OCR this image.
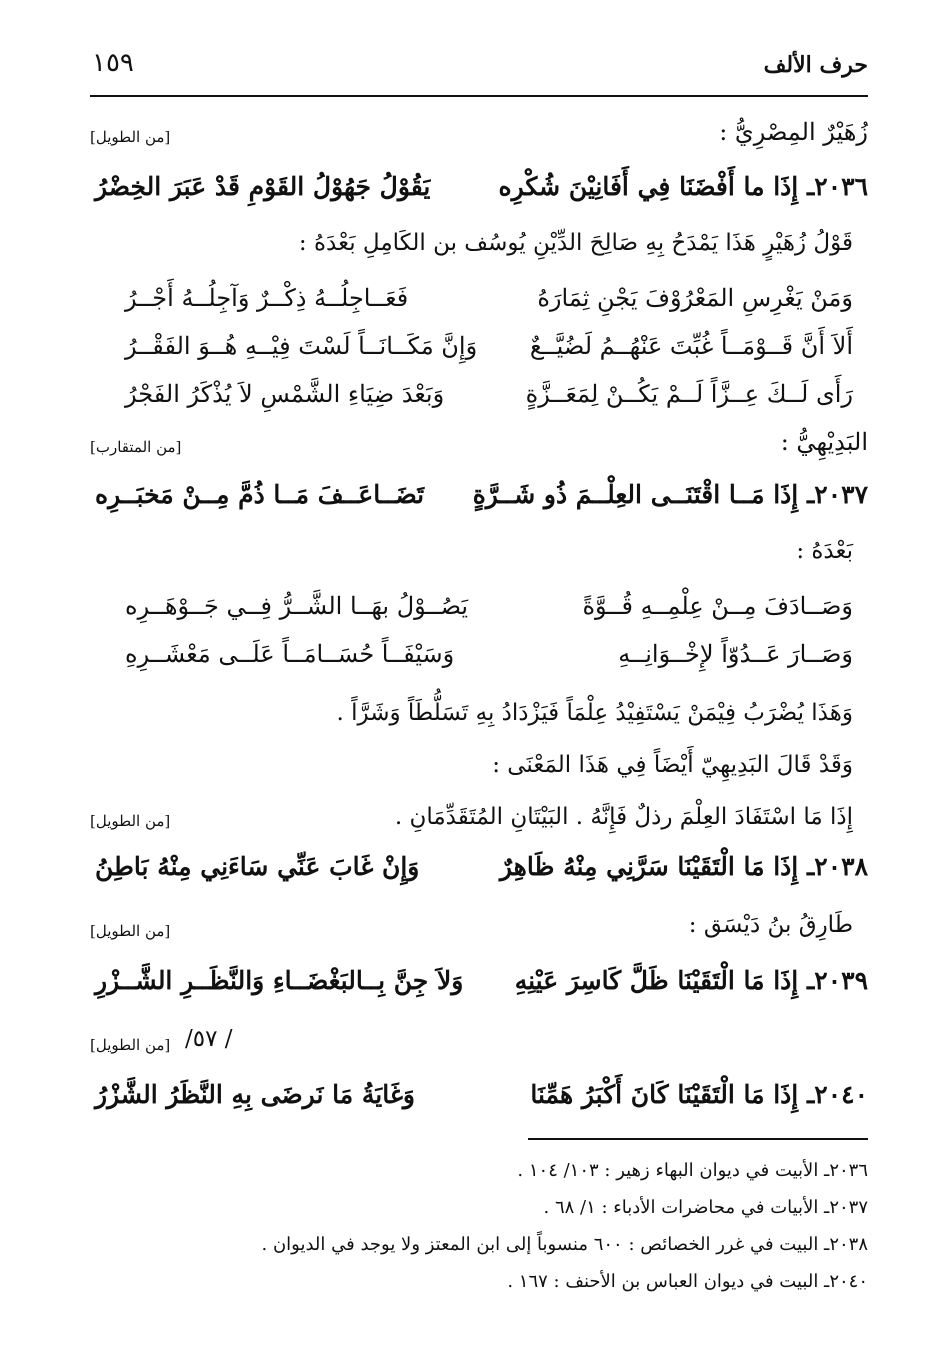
حرف الألف
١٥٩
زُهَيْرٌ المِصْرِيُّ :
[من الطويل]
٢٠٣٦ـ إِذَا ما أَفْضَنَا فِي أَفَانِيْنَ شُكْرِه
يَقُوْلُ جَهُوْلُ القَوْمِ قَدْ عَبَرَ الخِضْرُ
قَوْلُ زُهَيْرٍ هَذَا يَمْدَحُ بِهِ صَالِحَ الدِّيْنِ يُوسُف بن الكَامِلِ بَعْدَهُ :
وَمَنْ يَغْرِسِ المَعْرُوْفَ يَجْنِ ثِمَارَهُ
فَعَــاجِلُــهُ ذِكْــرٌ وَآجِلُــهُ أَجْــرُ
أَلاَ أَنَّ قَــوْمَــاً غُبِّتَ عَنْهُــمُ لَضُيَّــعٌ
وَإِنَّ مَكَــانَــاً لَسْتَ فِيْــهِ هُــوَ الفَقْــرُ
رَأَى لَــكَ عِــزَّاً لَــمْ يَكُــنْ لِمَعَــزَّةٍ
وَبَعْدَ ضِيَاءِ الشَّمْسِ لاَ يُذْكَرُ الفَجْرُ
البَدِيْهِيُّ :
[من المتقارب]
٢٠٣٧ـ إِذَا مَــا اقْتَنَــى العِلْــمَ ذُو شَــرَّةٍ
تَضَــاعَــفَ مَــا ذُمَّ مِــنْ مَخبَــرِه
بَعْدَهُ :
وَصَــادَفَ مِــنْ عِلْمِــهِ قُــوَّةً
يَصُــوْلُ بهَــا الشَّــرُّ فِــي جَــوْهَــرِه
وَصَــارَ عَــدُوّاً لإِخْــوَانِــهِ
وَسَيْفَــاً حُسَــامَــاً عَلَــى مَعْشَــرِهِ
وَهَذَا يُضْرَبُ فِيْمَنْ يَسْتَفِيْدُ عِلْمَاً فَيَزْدَادُ بِهِ تَسَلُّطَاً وَشَرَّاً .
وَقَدْ قَالَ البَدِيهِيّ أَيْضَاً فِي هَذَا المَعْنَى :
إِذَا مَا اسْتَفَادَ العِلْمَ رذلٌ فَإِنَّهُ . البَيْتَانِ المُتَقَدِّمَانِ .
[من الطويل]
٢٠٣٨ـ إِذَا مَا الْتَقَيْنَا سَرَّنِي مِنْهُ ظَاهِرٌ
وَإِنْ غَابَ عَنِّي سَاءَنِي مِنْهُ بَاطِنُ
طَارِقُ بنُ دَيْسَق :
[من الطويل]
٢٠٣٩ـ إِذَا مَا الْتَقَيْنَا ظَلَّ كَاسِرَ عَيْنِهِ
وَلاَ جِنَّ بِــالبَغْضَــاءِ وَالنَّظَــرِ الشَّــزْرِ
/ ٥٧/
[من الطويل]
٢٠٤٠ـ إِذَا مَا الْتَقَيْنَا كَانَ أَكْبَرُ هَمِّنَا
وَغَايَةُ مَا نَرضَى بِهِ النَّظَرُ الشَّزْرُ
٢٠٣٦ـ الأبيت في ديوان البهاء زهير : ١٠٣/ ١٠٤ .
٢٠٣٧ـ الأبيات في محاضرات الأدباء : ١/ ٦٨ .
٢٠٣٨ـ البيت في غرر الخصائص : ٦٠٠ منسوباً إلى ابن المعتز ولا يوجد في الديوان .
٢٠٤٠ـ البيت في ديوان العباس بن الأحنف : ١٦٧ .
